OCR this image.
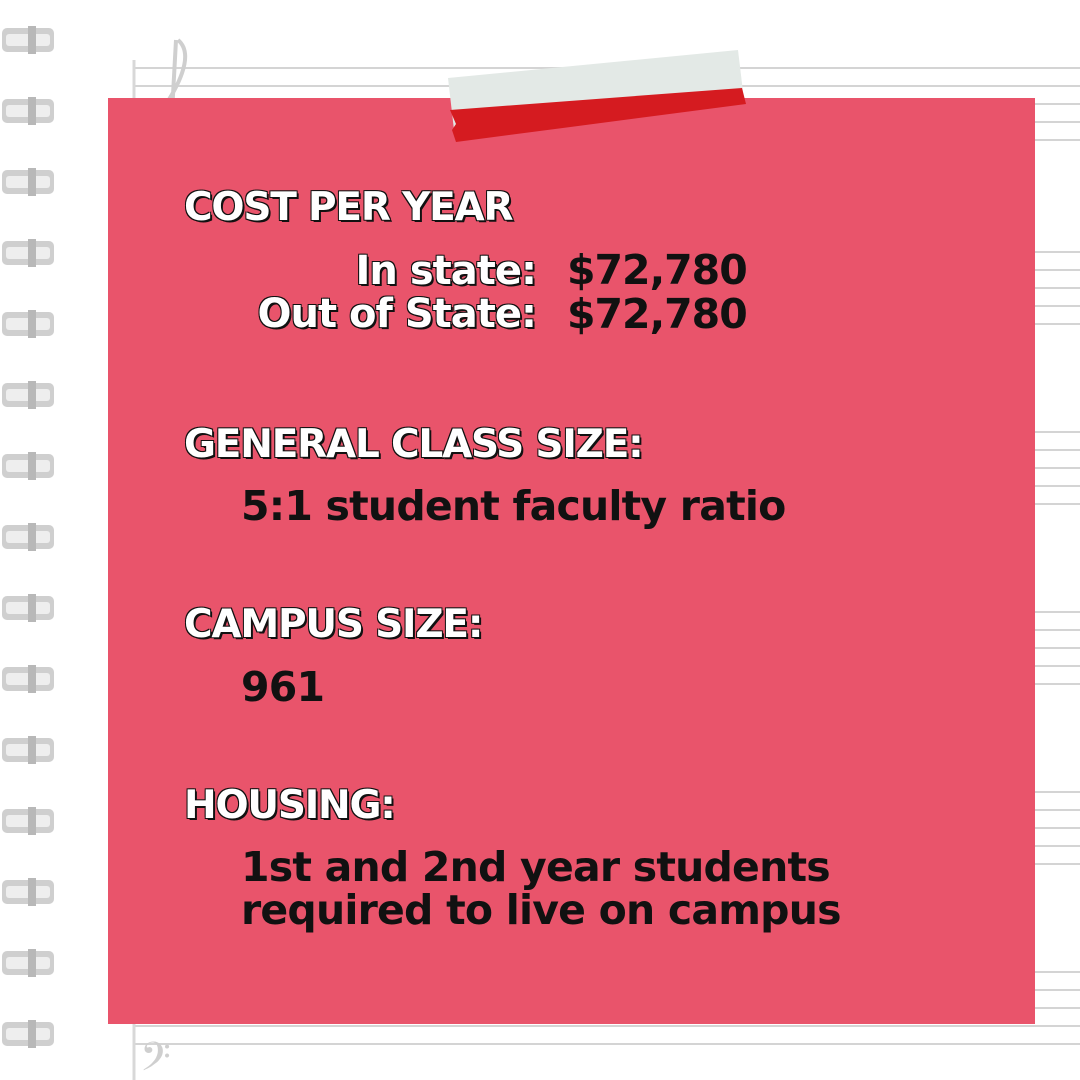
𝄢
COST PER YEAR
In state: $72,780
Out of State: $72,780
GENERAL CLASS SIZE:
5:1 student faculty ratio
CAMPUS SIZE:
961
HOUSING:
1st and 2nd year students
required to live on campus
